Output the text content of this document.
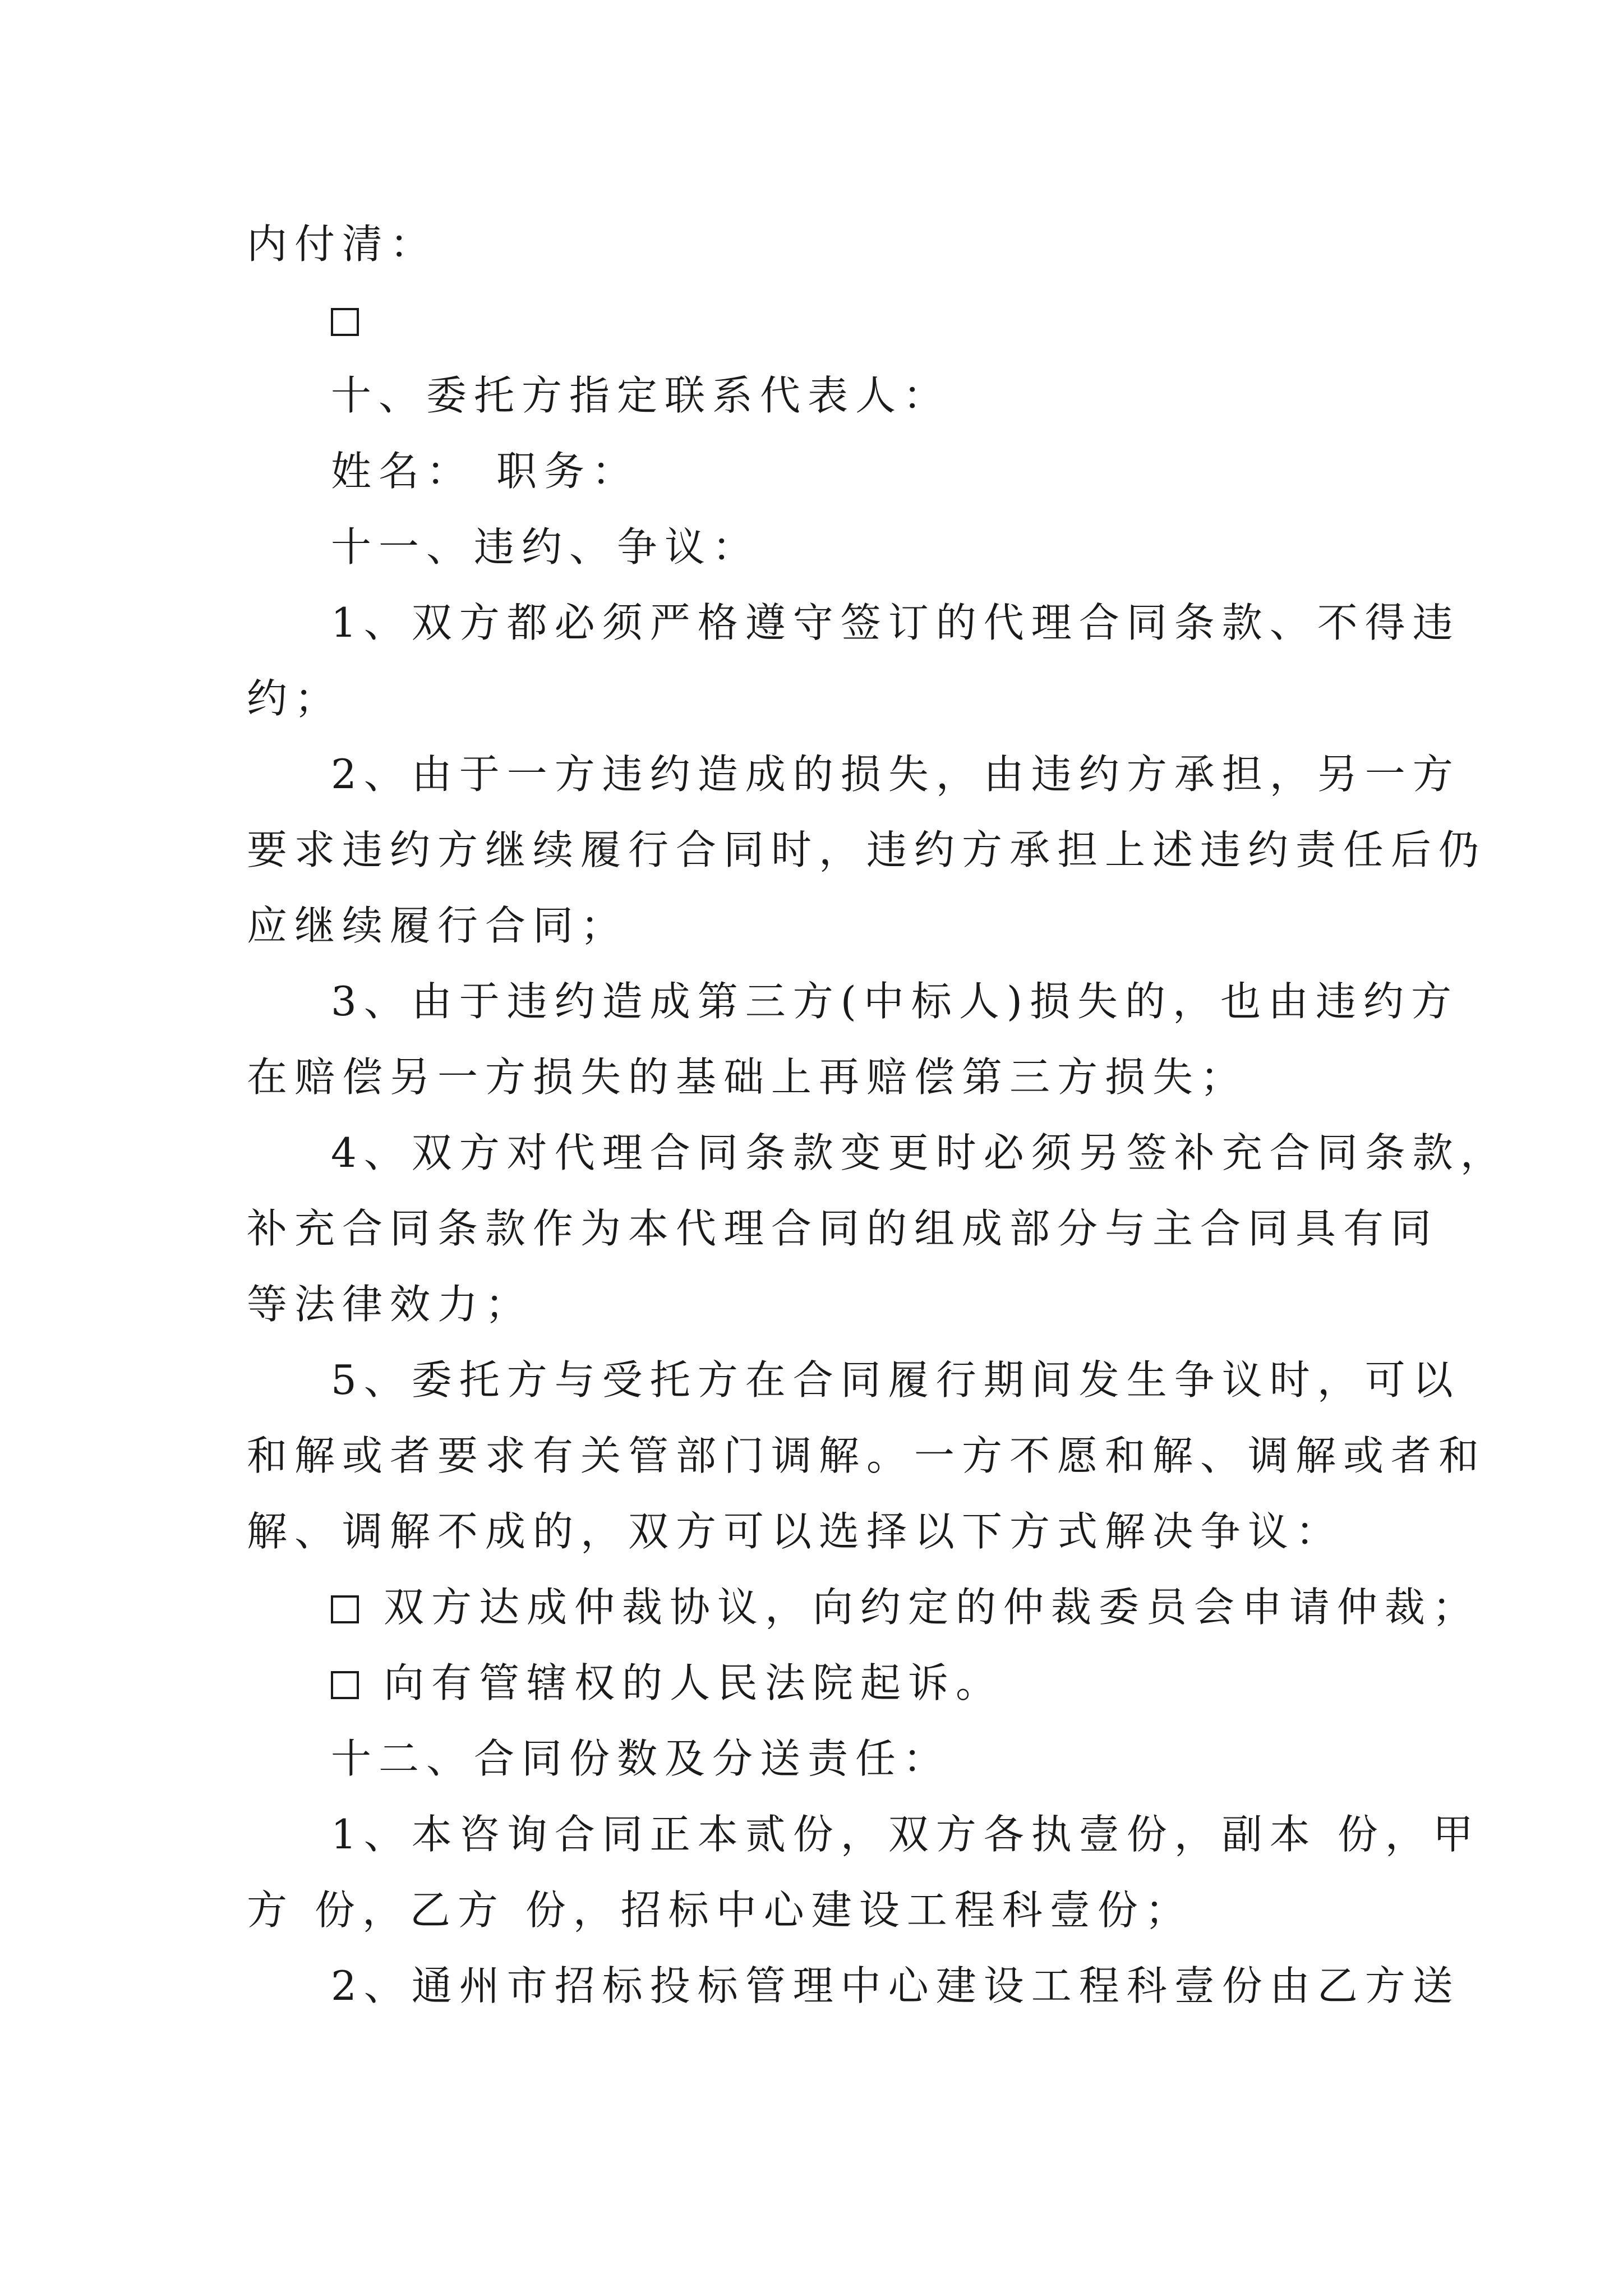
内付清：
十、委托方指定联系代表人：
姓名： 职务：
十一、违约、争议：
1、双方都必须严格遵守签订的代理合同条款、不得违
约；
2、由于一方违约造成的损失，由违约方承担，另一方
要求违约方继续履行合同时，违约方承担上述违约责任后仍
应继续履行合同；
3、由于违约造成第三方(中标人)损失的，也由违约方
在赔偿另一方损失的基础上再赔偿第三方损失；
4、双方对代理合同条款变更时必须另签补充合同条款，
补充合同条款作为本代理合同的组成部分与主合同具有同
等法律效力；
5、委托方与受托方在合同履行期间发生争议时，可以
和解或者要求有关管部门调解。一方不愿和解、调解或者和
解、调解不成的，双方可以选择以下方式解决争议：
双方达成仲裁协议，向约定的仲裁委员会申请仲裁；
向有管辖权的人民法院起诉。
十二、合同份数及分送责任：
1、本咨询合同正本贰份，双方各执壹份，副本 份，甲
方 份，乙方 份，招标中心建设工程科壹份；
2、通州市招标投标管理中心建设工程科壹份由乙方送
